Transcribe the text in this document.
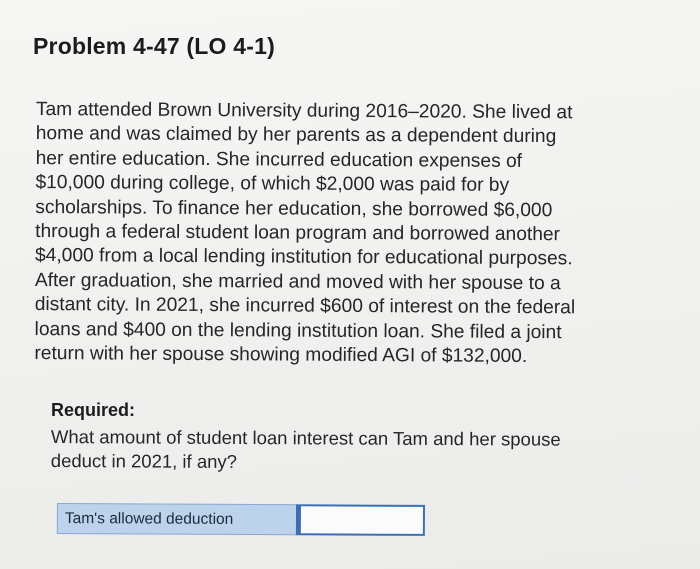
Problem 4-47 (LO 4-1)
Tam attended Brown University during 2016–2020. She lived at
home and was claimed by her parents as a dependent during
her entire education. She incurred education expenses of
$10,000 during college, of which $2,000 was paid for by
scholarships. To finance her education, she borrowed $6,000
through a federal student loan program and borrowed another
$4,000 from a local lending institution for educational purposes.
After graduation, she married and moved with her spouse to a
distant city. In 2021, she incurred $600 of interest on the federal
loans and $400 on the lending institution loan. She filed a joint
return with her spouse showing modified AGI of $132,000.
Required:
What amount of student loan interest can Tam and her spouse
deduct in 2021, if any?
Tam's allowed deduction
